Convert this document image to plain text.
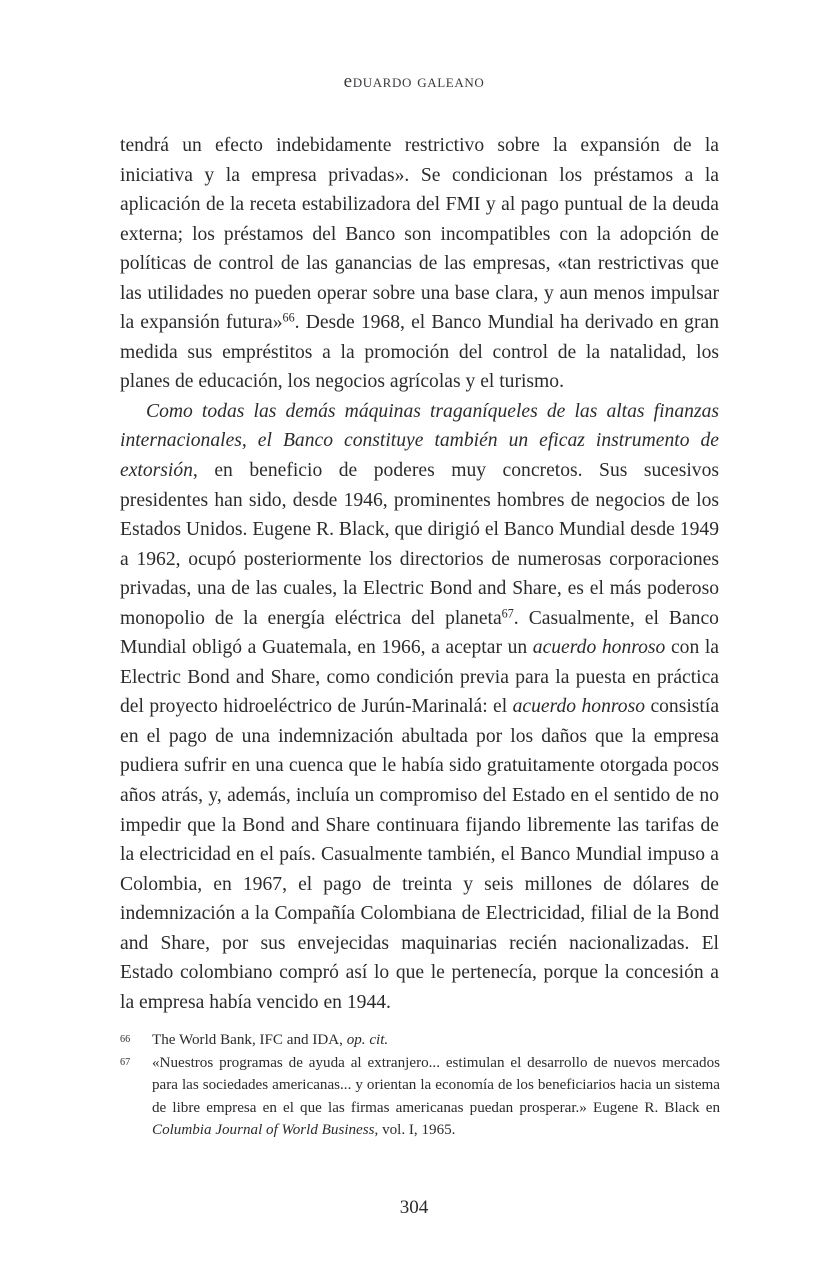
eduardo galeano

tendrá un efecto indebidamente restrictivo sobre la expansión de la iniciativa y la empresa privadas». Se condicionan los préstamos a la aplicación de la receta estabilizadora del FMI y al pago puntual de la deuda externa; los préstamos del Banco son incompatibles con la adopción de políticas de control de las ganancias de las empresas, «tan restrictivas que las utilidades no pueden operar sobre una base clara, y aun menos impulsar la expansión futura»$^{66}$. Desde 1968, el Banco Mundial ha derivado en gran medida sus empréstitos a la promoción del control de la natalidad, los planes de educación, los negocios agrícolas y el turismo.

Como todas las demás máquinas traganíqueles de las altas finanzas internacionales, el Banco constituye también un eficaz instrumento de extorsión, en beneficio de poderes muy concretos. Sus sucesivos presidentes han sido, desde 1946, prominentes hombres de negocios de los Estados Unidos. Eugene R. Black, que dirigió el Banco Mundial desde 1949 a 1962, ocupó posteriormente los directorios de numerosas corporaciones privadas, una de las cuales, la Electric Bond and Share, es el más poderoso monopolio de la energía eléctrica del planeta$^{67}$. Casualmente, el Banco Mundial obligó a Guatemala, en 1966, a aceptar un acuerdo honroso con la Electric Bond and Share, como condición previa para la puesta en práctica del proyecto hidroeléctrico de Jurún-Marinalá: el acuerdo honroso consistía en el pago de una indemnización abultada por los daños que la empresa pudiera sufrir en una cuenca que le había sido gratuitamente otorgada pocos años atrás, y, además, incluía un compromiso del Estado en el sentido de no impedir que la Bond and Share continuara fijando libremente las tarifas de la electricidad en el país. Casualmente también, el Banco Mundial impuso a Colombia, en 1967, el pago de treinta y seis millones de dólares de indemnización a la Compañía Colombiana de Electricidad, filial de la Bond and Share, por sus envejecidas maquinarias recién nacionalizadas. El Estado colombiano compró así lo que le pertenecía, porque la concesión a la empresa había vencido en 1944.

66	The World Bank, IFC and IDA, op. cit.
67	«Nuestros programas de ayuda al extranjero... estimulan el desarrollo de nuevos mercados para las sociedades americanas... y orientan la economía de los beneficiarios hacia un sistema de libre empresa en el que las firmas americanas puedan prosperar.» Eugene R. Black en Columbia Journal of World Business, vol. I, 1965.
304
